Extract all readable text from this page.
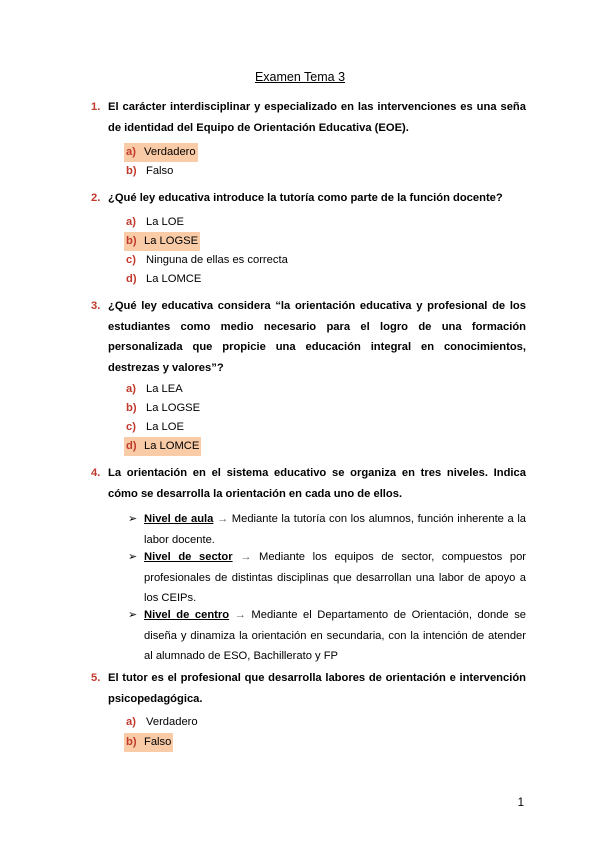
Examen Tema 3
1. El carácter interdisciplinar y especializado en las intervenciones es una seña de identidad del Equipo de Orientación Educativa (EOE).
a) Verdadero
b) Falso
2. ¿Qué ley educativa introduce la tutoría como parte de la función docente?
a) La LOE
b) La LOGSE
c) Ninguna de ellas es correcta
d) La LOMCE
3. ¿Qué ley educativa considera “la orientación educativa y profesional de los estudiantes como medio necesario para el logro de una formación personalizada que propicie una educación integral en conocimientos, destrezas y valores”?
a) La LEA
b) La LOGSE
c) La LOE
d) La LOMCE
4. La orientación en el sistema educativo se organiza en tres niveles. Indica cómo se desarrolla la orientación en cada uno de ellos.
➢ Nivel de aula → Mediante la tutoría con los alumnos, función inherente a la labor docente.
➢ Nivel de sector → Mediante los equipos de sector, compuestos por profesionales de distintas disciplinas que desarrollan una labor de apoyo a los CEIPs.
➢ Nivel de centro → Mediante el Departamento de Orientación, donde se diseña y dinamiza la orientación en secundaria, con la intención de atender al alumnado de ESO, Bachillerato y FP
5. El tutor es el profesional que desarrolla labores de orientación e intervención psicopedagógica.
a) Verdadero
b) Falso
1
